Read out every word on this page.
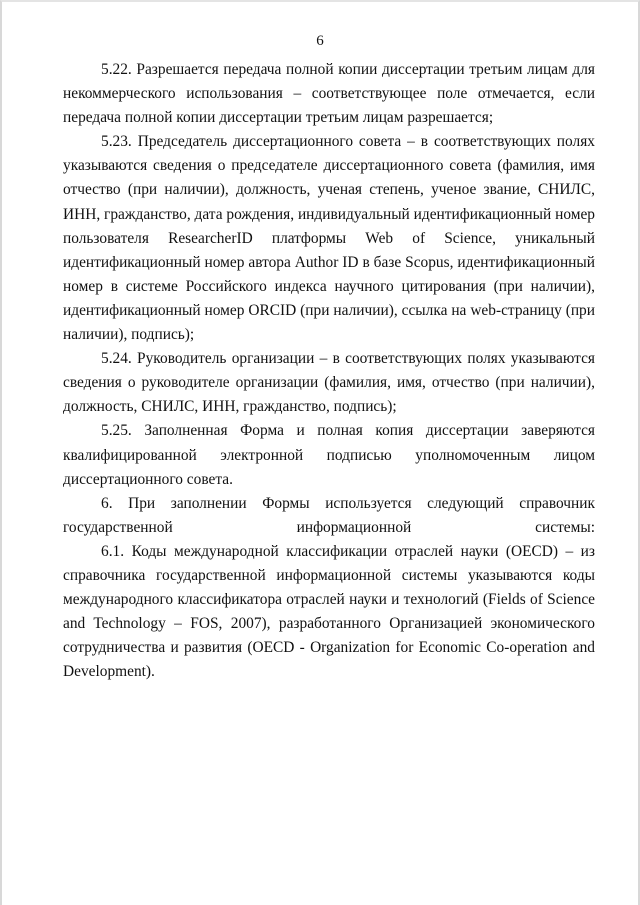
6

5.22. Разрешается передача полной копии диссертации третьим лицам для некоммерческого использования – соответствующее поле отмечается, если передача полной копии диссертации третьим лицам разрешается;

5.23. Председатель диссертационного совета – в соответствующих полях указываются сведения о председателе диссертационного совета (фамилия, имя отчество (при наличии), должность, ученая степень, ученое звание, СНИЛС, ИНН, гражданство, дата рождения, индивидуальный идентификационный номер пользователя ResearcherID платформы Web of Science, уникальный идентификационный номер автора Author ID в базе Scopus, идентификационный номер в системе Российского индекса научного цитирования (при наличии), идентификационный номер ORCID (при наличии), ссылка на web-страницу (при наличии), подпись);

5.24. Руководитель организации – в соответствующих полях указываются сведения о руководителе организации (фамилия, имя, отчество (при наличии), должность, СНИЛС, ИНН, гражданство, подпись);

5.25. Заполненная Форма и полная копия диссертации заверяются квалифицированной электронной подписью уполномоченным лицом диссертационного совета.

6. При заполнении Формы используется следующий справочник государственной информационной системы:

6.1. Коды международной классификации отраслей науки (OECD) – из справочника государственной информационной системы указываются коды международного классификатора отраслей науки и технологий (Fields of Science and Technology – FOS, 2007), разработанного Организацией экономического сотрудничества и развития (OECD - Organization for Economic Co-operation and Development).
